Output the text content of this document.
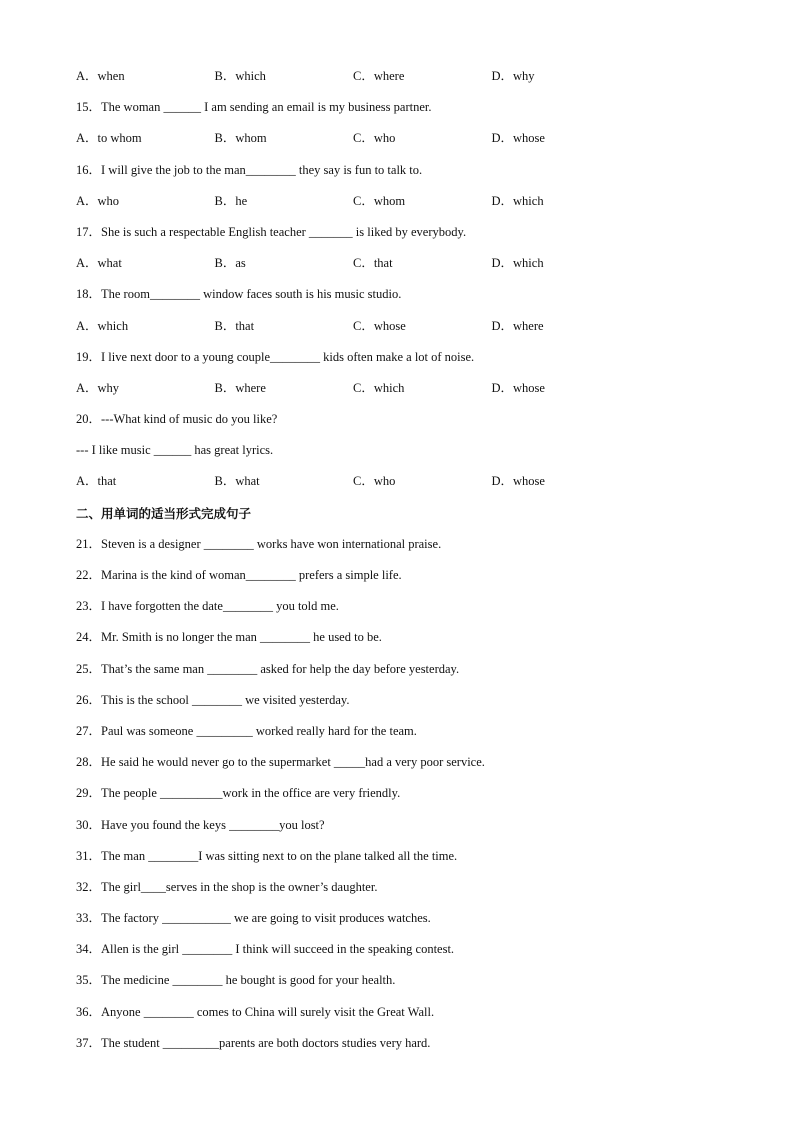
A．when	B．which	C．where	D．why
15．The woman ______ I am sending an email is my business partner.
A．to whom	B．whom	C．who	D．whose
16．I will give the job to the man________ they say is fun to talk to.
A．who	B．he	C．whom	D．which
17．She is such a respectable English teacher _______ is liked by everybody.
A．what	B．as	C．that	D．which
18．The room________ window faces south is his music studio.
A．which	B．that	C．whose	D．where
19．I live next door to a young couple________ kids often make a lot of noise.
A．why	B．where	C．which	D．whose
20．---What kind of music do you like?
--- I like music ______ has great lyrics.
A．that	B．what	C．who	D．whose
二、用单词的适当形式完成句子
21．Steven is a designer ________ works have won international praise.
22．Marina is the kind of woman________ prefers a simple life.
23．I have forgotten the date________ you told me.
24．Mr. Smith is no longer the man ________ he used to be.
25．That’s the same man ________ asked for help the day before yesterday.
26．This is the school ________ we visited yesterday.
27．Paul was someone _________ worked really hard for the team.
28．He said he would never go to the supermarket _____had a very poor service.
29．The people __________work in the office are very friendly.
30．Have you found the keys ________you lost?
31．The man ________I was sitting next to on the plane talked all the time.
32．The girl____serves in the shop is the owner’s daughter.
33．The factory ___________ we are going to visit produces watches.
34．Allen is the girl ________ I think will succeed in the speaking contest.
35．The medicine ________ he bought is good for your health.
36．Anyone ________ comes to China will surely visit the Great Wall.
37．The student _________parents are both doctors studies very hard.
